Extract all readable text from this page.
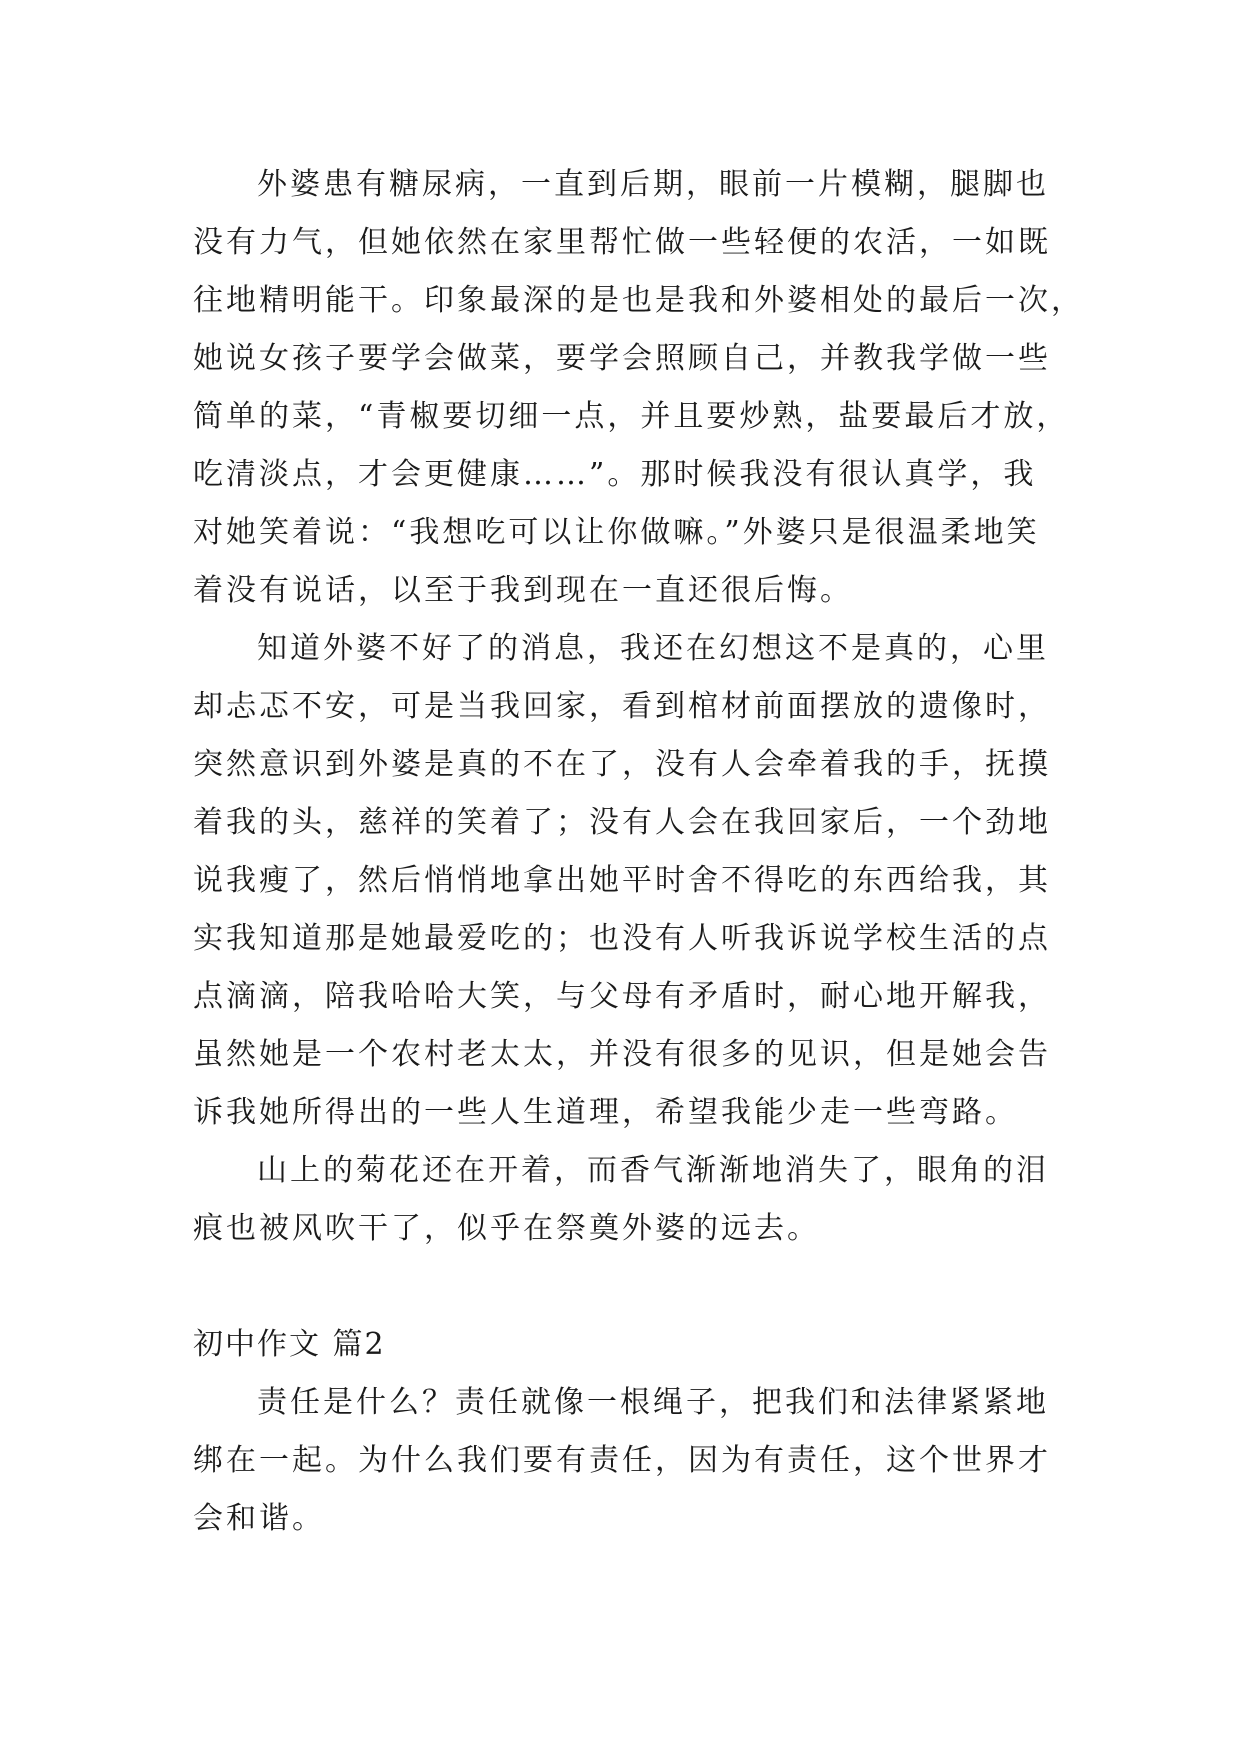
外婆患有糖尿病，一直到后期，眼前一片模糊，腿脚也
没有力气，但她依然在家里帮忙做一些轻便的农活，一如既
往地精明能干。印象最深的是也是我和外婆相处的最后一次，
她说女孩子要学会做菜，要学会照顾自己，并教我学做一些
简单的菜，“青椒要切细一点，并且要炒熟，盐要最后才放，
吃清淡点，才会更健康……”。那时候我没有很认真学，我
对她笑着说：“我想吃可以让你做嘛。”外婆只是很温柔地笑
着没有说话，以至于我到现在一直还很后悔。
知道外婆不好了的消息，我还在幻想这不是真的，心里
却忐忑不安，可是当我回家，看到棺材前面摆放的遗像时，
突然意识到外婆是真的不在了，没有人会牵着我的手，抚摸
着我的头，慈祥的笑着了；没有人会在我回家后，一个劲地
说我瘦了，然后悄悄地拿出她平时舍不得吃的东西给我，其
实我知道那是她最爱吃的；也没有人听我诉说学校生活的点
点滴滴，陪我哈哈大笑，与父母有矛盾时，耐心地开解我，
虽然她是一个农村老太太，并没有很多的见识，但是她会告
诉我她所得出的一些人生道理，希望我能少走一些弯路。
山上的菊花还在开着，而香气渐渐地消失了，眼角的泪
痕也被风吹干了，似乎在祭奠外婆的远去。
初中作文 篇2
责任是什么？责任就像一根绳子，把我们和法律紧紧地
绑在一起。为什么我们要有责任，因为有责任，这个世界才
会和谐。
